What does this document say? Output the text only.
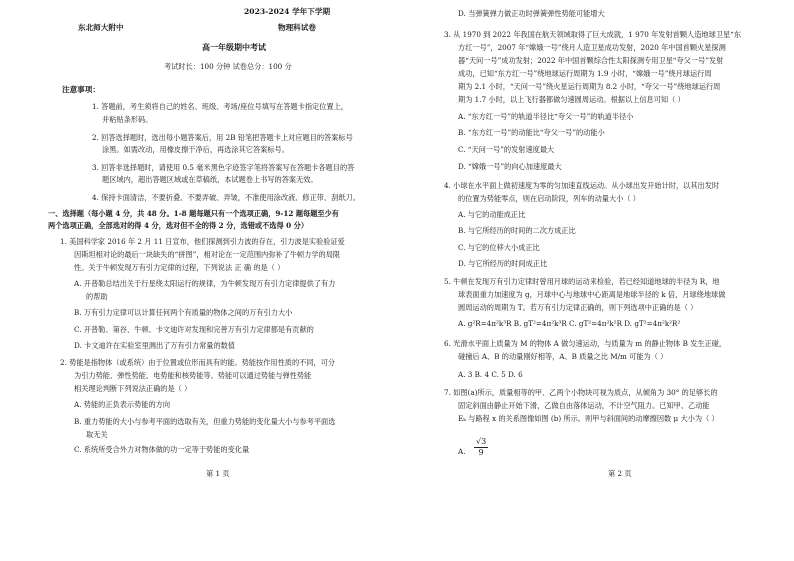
2023-2024 学年下学期
东北师大附中	物理科试卷
高一年级期中考试
考试时长：100 分钟 试卷总分：100 分
注意事项：
1. 答题前，考生须将自己的姓名、班级、考场/座位号填写在答题卡指定位置上，
并粘贴条形码。
2. 回答选择题时，选出每小题答案后，用 2B 铅笔把答题卡上对应题目的答案标号
涂黑。如需改动，用橡皮擦干净后，再选涂其它答案标号。
3. 回答非选择题时，请使用 0.5 毫米黑色字迹签字笔将答案写在答题卡各题目的答
题区域内，超出答题区域或在草稿纸、本试题卷上书写的答案无效。
4. 保持卡面清洁，不要折叠、不要弄破、弄皱，不准使用涂改液、修正带、刮纸刀。
一、选择题（每小题 4 分，共 48 分。1-8 题每题只有一个选项正确，9-12 题每题至少有
两个选项正确，全部选对的得 4 分，选对但不全的得 2 分，选错或不选得 0 分）
1. 美国科学家 2016 年 2 月 11 日宣布，他们探测到引力波的存在，引力波是实验验证爱
因斯坦相对论的最后一块缺失的“拼图”，相对论在一定范围内弥补了牛顿力学的局限
性。关于牛顿发现万有引力定律的过程，下列说法 正 确 的是（ ）
A. 开普勒总结出关于行星绕太阳运行的规律，为牛顿发现万有引力定律提供了有力
的帮助
B. 万有引力定律可以计算任何两个有质量的物体之间的万有引力大小
C. 开普勒、第谷、牛顿、卡文迪许对发现和完善万有引力定律都是有贡献的
D. 卡文迪许在实验室里测出了万有引力常量的数值
2. 势能是指物体（或系统）由于位置或位形而具有的能。势能按作用性质的不同，可分
为引力势能、弹性势能、电势能和核势能等。势能可以通过势能与弹性势能
相关理论判断下列说法正确的是（ ）
A. 势能的正负表示势能的方向
B. 重力势能的大小与参考平面的选取有关，但重力势能的变化量大小与参考平面选
取无关
C. 系统所受合外力对物体做的功一定等于势能的变化量
第 1 页
D. 当弹簧弹力做正功时弹簧弹性势能可能增大
3. 从 1970 到 2022 年我国在航天领域取得了巨大成就，1 970 年发射首颗人造地球卫星“东
方红一号”，2007 年“嫦娥一号”绕月人造卫星成功发射，2020 年中国首颗火星探测
器“天问一号”成功发射；2022 年中国首颗综合性太阳探测专用卫星“夸父一号”发射
成功，已知“东方红一号”绕地球运行周期为 1.9 小时，“嫦娥一号”绕月球运行周
期为 2.1 小时，“天问一号”绕火星运行周期为 8.2 小时，“夸父一号”绕地球运行周
期为 1.7 小时，以上飞行器都做匀速圆周运动。根据以上信息可知（ ）
A. “东方红一号”的轨道半径比“夸父一号”的轨道半径小
B. “东方红一号”的动能比“夸父一号”的动能小
C. “天问一号”的发射速度最大
D. “嫦娥一号”的向心加速度最大
4. 小球在水平面上做初速度为零的匀加速直线运动。从小球出发开始计时，以其出发时
的位置为势能零点，则在启动阶段，列车的动量大小（ ）
A. 与它的动能成正比
B. 与它所经历的时间的二次方成正比
C. 与它的位移大小成正比
D. 与它所经历的时间成正比
5. 牛顿在发现万有引力定律时曾用月球的运动来检验，若已经知道地球的半径为 R，地
球表面重力加速度为 g，月球中心与地球中心距离是地球半径的 k 倍，月球绕地球做
圆周运动的周期为 T。若万有引力定律正确的，则下列选项中正确的是（ ）
A. g²R=4π²k³R B. gT²=4π²k³R C. gT²=4π²k²R D. gT²=4π²k²R²
6. 光滑水平面上质量为 M 的物体 A 做匀速运动，与质量为 m 的静止物体 B 发生正碰，
碰撞后 A、B 的动量刚好相等，A、B 质量之比 M/m 可能为（ ）
A. 3 B. 4 C. 5 D. 6
7. 如图(a)所示，质量相等的甲、乙两个小物块可视为质点，从倾角为 30° 的足够长的
固定斜面由静止开始下滑，乙做自由落体运动，不计空气阻力。已知甲、乙动能
Eₖ 与路程 x 的关系图像如图 (b) 所示。则甲与斜面间的动摩擦因数 μ 大小为（ ）
A.
第 2 页
$\frac{√3}{9}$
